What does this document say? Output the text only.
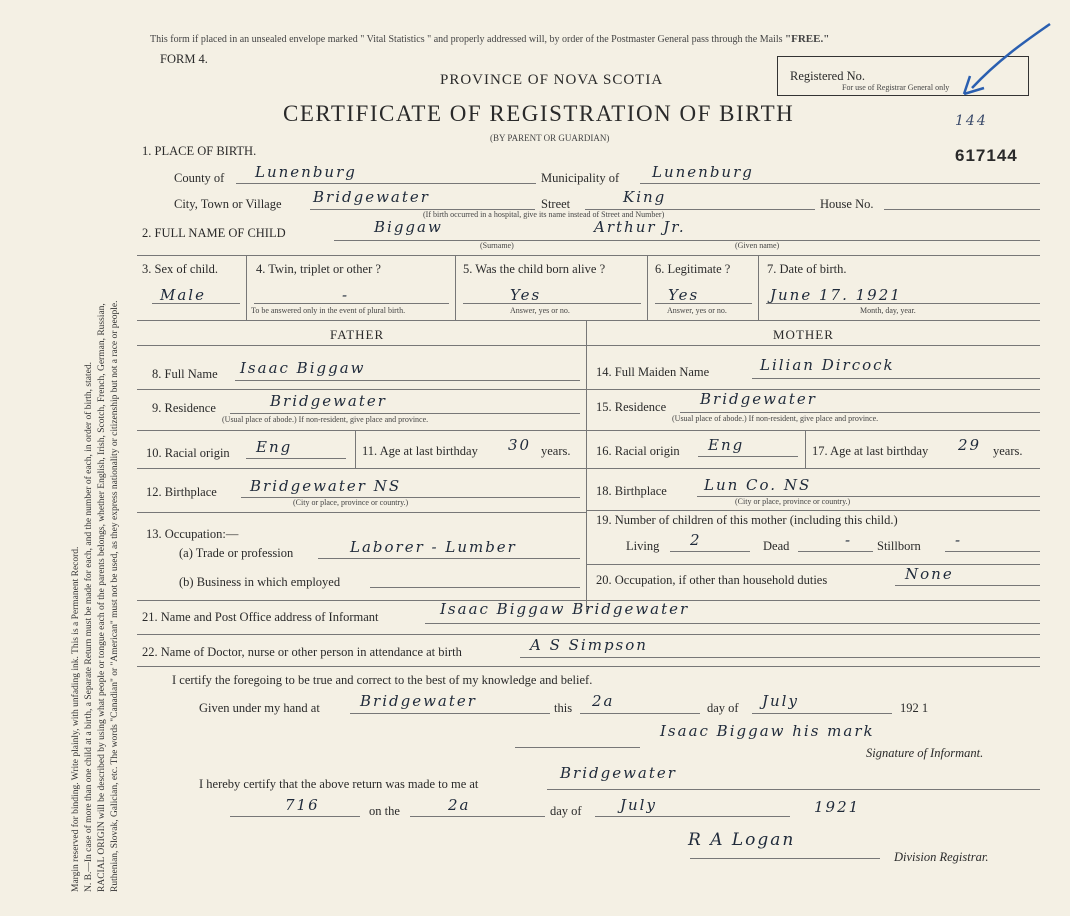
Margin reserved for binding. Write plainly, with unfading ink. This is a Permanent Record. N. B.—In case of more than one child at a birth, a Separate Return must be made for each, and the number of each, in order of birth, stated. RACIAL ORIGIN will be described by using what people or tongue each of the parents belongs, whether English, Irish, Scotch, French, German, Russian, Ruthenian, Slovak, Galician, etc. The words "Canadian" or "American" must not be used, as they express nationality or citizenship but not a race or people.
This form if placed in an unsealed envelope marked " Vital Statistics " and properly addressed will, by order of the Postmaster General pass through the Mails "FREE."
FORM 4.
PROVINCE OF NOVA SCOTIA
CERTIFICATE OF REGISTRATION OF BIRTH
(BY PARENT OR GUARDIAN)
Registered No.
For use of Registrar General only
144
617144
1. PLACE OF BIRTH.
County of Lunenburg	Municipality of Lunenburg
City, Town or Village Bridgewater	Street	King	House No.
(If birth occurred in a hospital, give its name instead of Street and Number)
2. FULL NAME OF CHILD	Biggaw	Arthur Jr.
(Surname)	(Given name)
3. Sex of child.
Male
4. Twin, triplet or other ?
-
To be answered only in the event of plural birth.
5. Was the child born alive ?
Yes
Answer, yes or no.
6. Legitimate ?
Yes
Answer, yes or no.
7. Date of birth.
June 17. 1921
Month, day, year.
FATHER	MOTHER
8. Full Name Isaac Biggaw
9. Residence	Bridgewater
(Usual place of abode.) If non-resident, give place and province.
10. Racial origin Eng	11. Age at last birthday 30 years.
12. Birthplace Bridgewater NS
(City or place, province or country.)
13. Occupation:—
(a) Trade or profession	Laborer - Lumber
(b) Business in which employed
14. Full Maiden Name	Lilian Dircock
15. Residence Bridgewater
(Usual place of abode.) If non-resident, give place and province.
16. Racial origin Eng	17. Age at last birthday 29 years.
18. Birthplace Lun Co. NS
(City or place, province or country.)
19. Number of children of this mother (including this child.)
Living 2	Dead	- Stillborn -
20. Occupation, if other than household duties	None
21. Name and Post Office address of Informant	Isaac Biggaw Bridgewater
22. Name of Doctor, nurse or other person in attendance at birth	A S Simpson
I certify the foregoing to be true and correct to the best of my knowledge and belief.
Given under my hand at	Bridgewater	this 2a	day of July	192 1
Isaac Biggaw his mark
Signature of Informant.
I hereby certify that the above return was made to me at
Bridgewater
716	on the	2a	day of	July	1921
R A Logan
Division Registrar.
